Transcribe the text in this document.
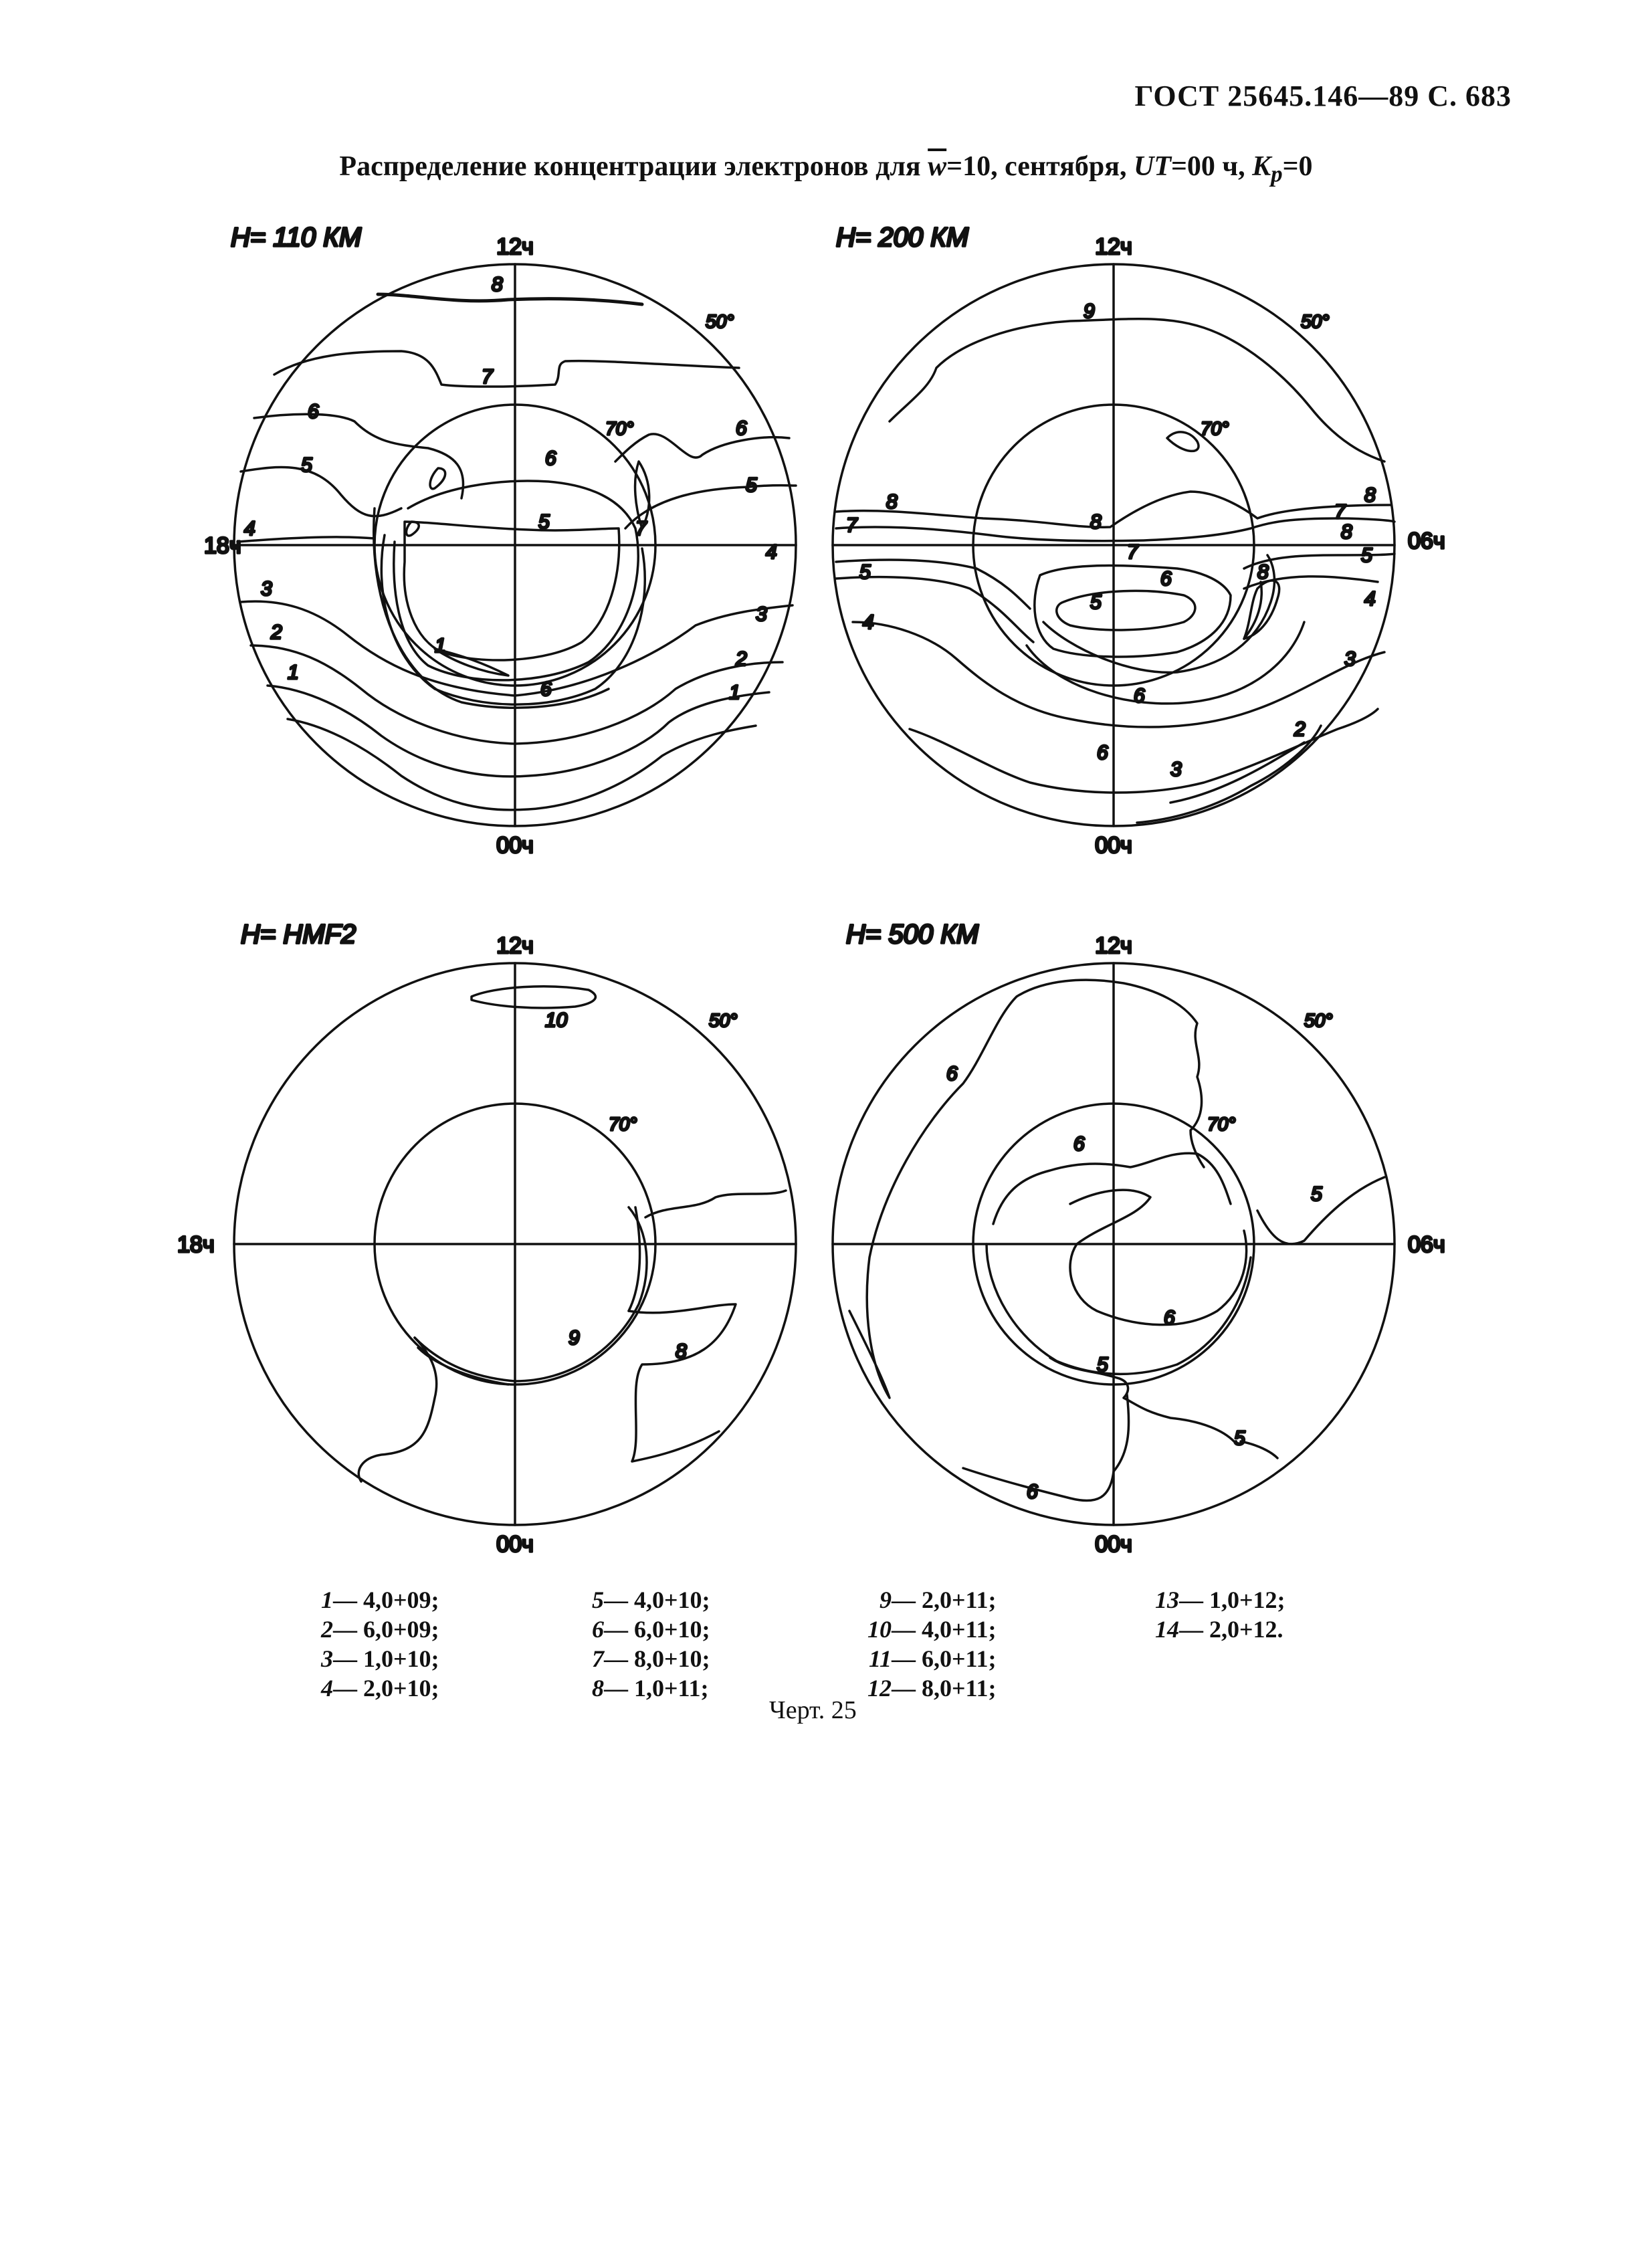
ГОСТ 25645.146—89 С. 683
Распределение концентрации электронов для $\overline{w}=10$, сентября, UT=00 ч, $K_p=0$
H= 110 КМ	12ч
00ч
18ч
50°
70°
8
7
6
6
5
5
6
5
4
4
3
3
2
2
1
1
1
6
7
H= 200 КМ	12ч
00ч
06ч
50°
70°
9
8
8
7
7
8
8
5
5
6
5
4
4
3
3
2
6
7
8
6
H= HMF2	12ч
00ч
18ч
50°
70°
10
9
8
H= 500 КМ	12ч
00ч
06ч
50°
70°
6
6
5
6
5
5
6
1— 4,0+09;
2— 6,0+09;
3— 1,0+10;
4— 2,0+10;
5— 4,0+10;
6— 6,0+10;
7— 8,0+10;
8— 1,0+11;
9— 2,0+11;
10— 4,0+11;
11— 6,0+11;
12— 8,0+11;
13— 1,0+12;
14— 2,0+12.
Черт. 25
